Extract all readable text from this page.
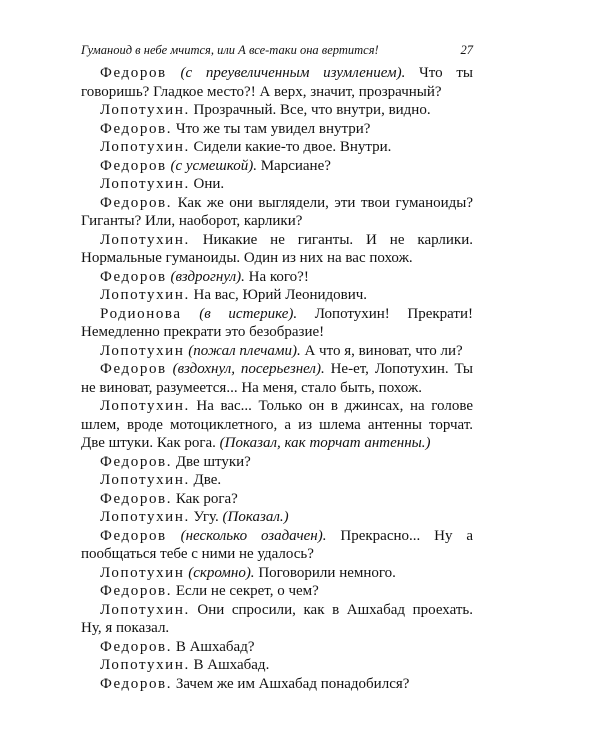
Гуманоид в небе мчится, или А все-таки она вертится!	27

Федоров (с преувеличенным изумлением). Что ты говоришь? Гладкое место?! А верх, значит, прозрачный?

Лопотухин. Прозрачный. Все, что внутри, видно.

Федоров. Что же ты там увидел внутри?

Лопотухин. Сидели какие-то двое. Внутри.

Федоров (с усмешкой). Марсиане?

Лопотухин. Они.

Федоров. Как же они выглядели, эти твои гуманоиды? Гиганты? Или, наоборот, карлики?

Лопотухин. Никакие не гиганты. И не карлики. Нормальные гуманоиды. Один из них на вас похож.

Федоров (вздрогнул). На кого?!

Лопотухин. На вас, Юрий Леонидович.

Родионова (в истерике). Лопотухин! Прекрати! Немедленно прекрати это безобразие!

Лопотухин (пожал плечами). А что я, виноват, что ли?

Федоров (вздохнул, посерьезнел). Не-ет, Лопотухин. Ты не виноват, разумеется... На меня, стало быть, похож.

Лопотухин. На вас... Только он в джинсах, на голове шлем, вроде мотоциклетного, а из шлема антенны торчат. Две штуки. Как рога. (Показал, как торчат антенны.)

Федоров. Две штуки?

Лопотухин. Две.

Федоров. Как рога?

Лопотухин. Угу. (Показал.)

Федоров (несколько озадачен). Прекрасно... Ну а пообщаться тебе с ними не удалось?

Лопотухин (скромно). Поговорили немного.

Федоров. Если не секрет, о чем?

Лопотухин. Они спросили, как в Ашхабад проехать. Ну, я показал.

Федоров. В Ашхабад?

Лопотухин. В Ашхабад.

Федоров. Зачем же им Ашхабад понадобился?
